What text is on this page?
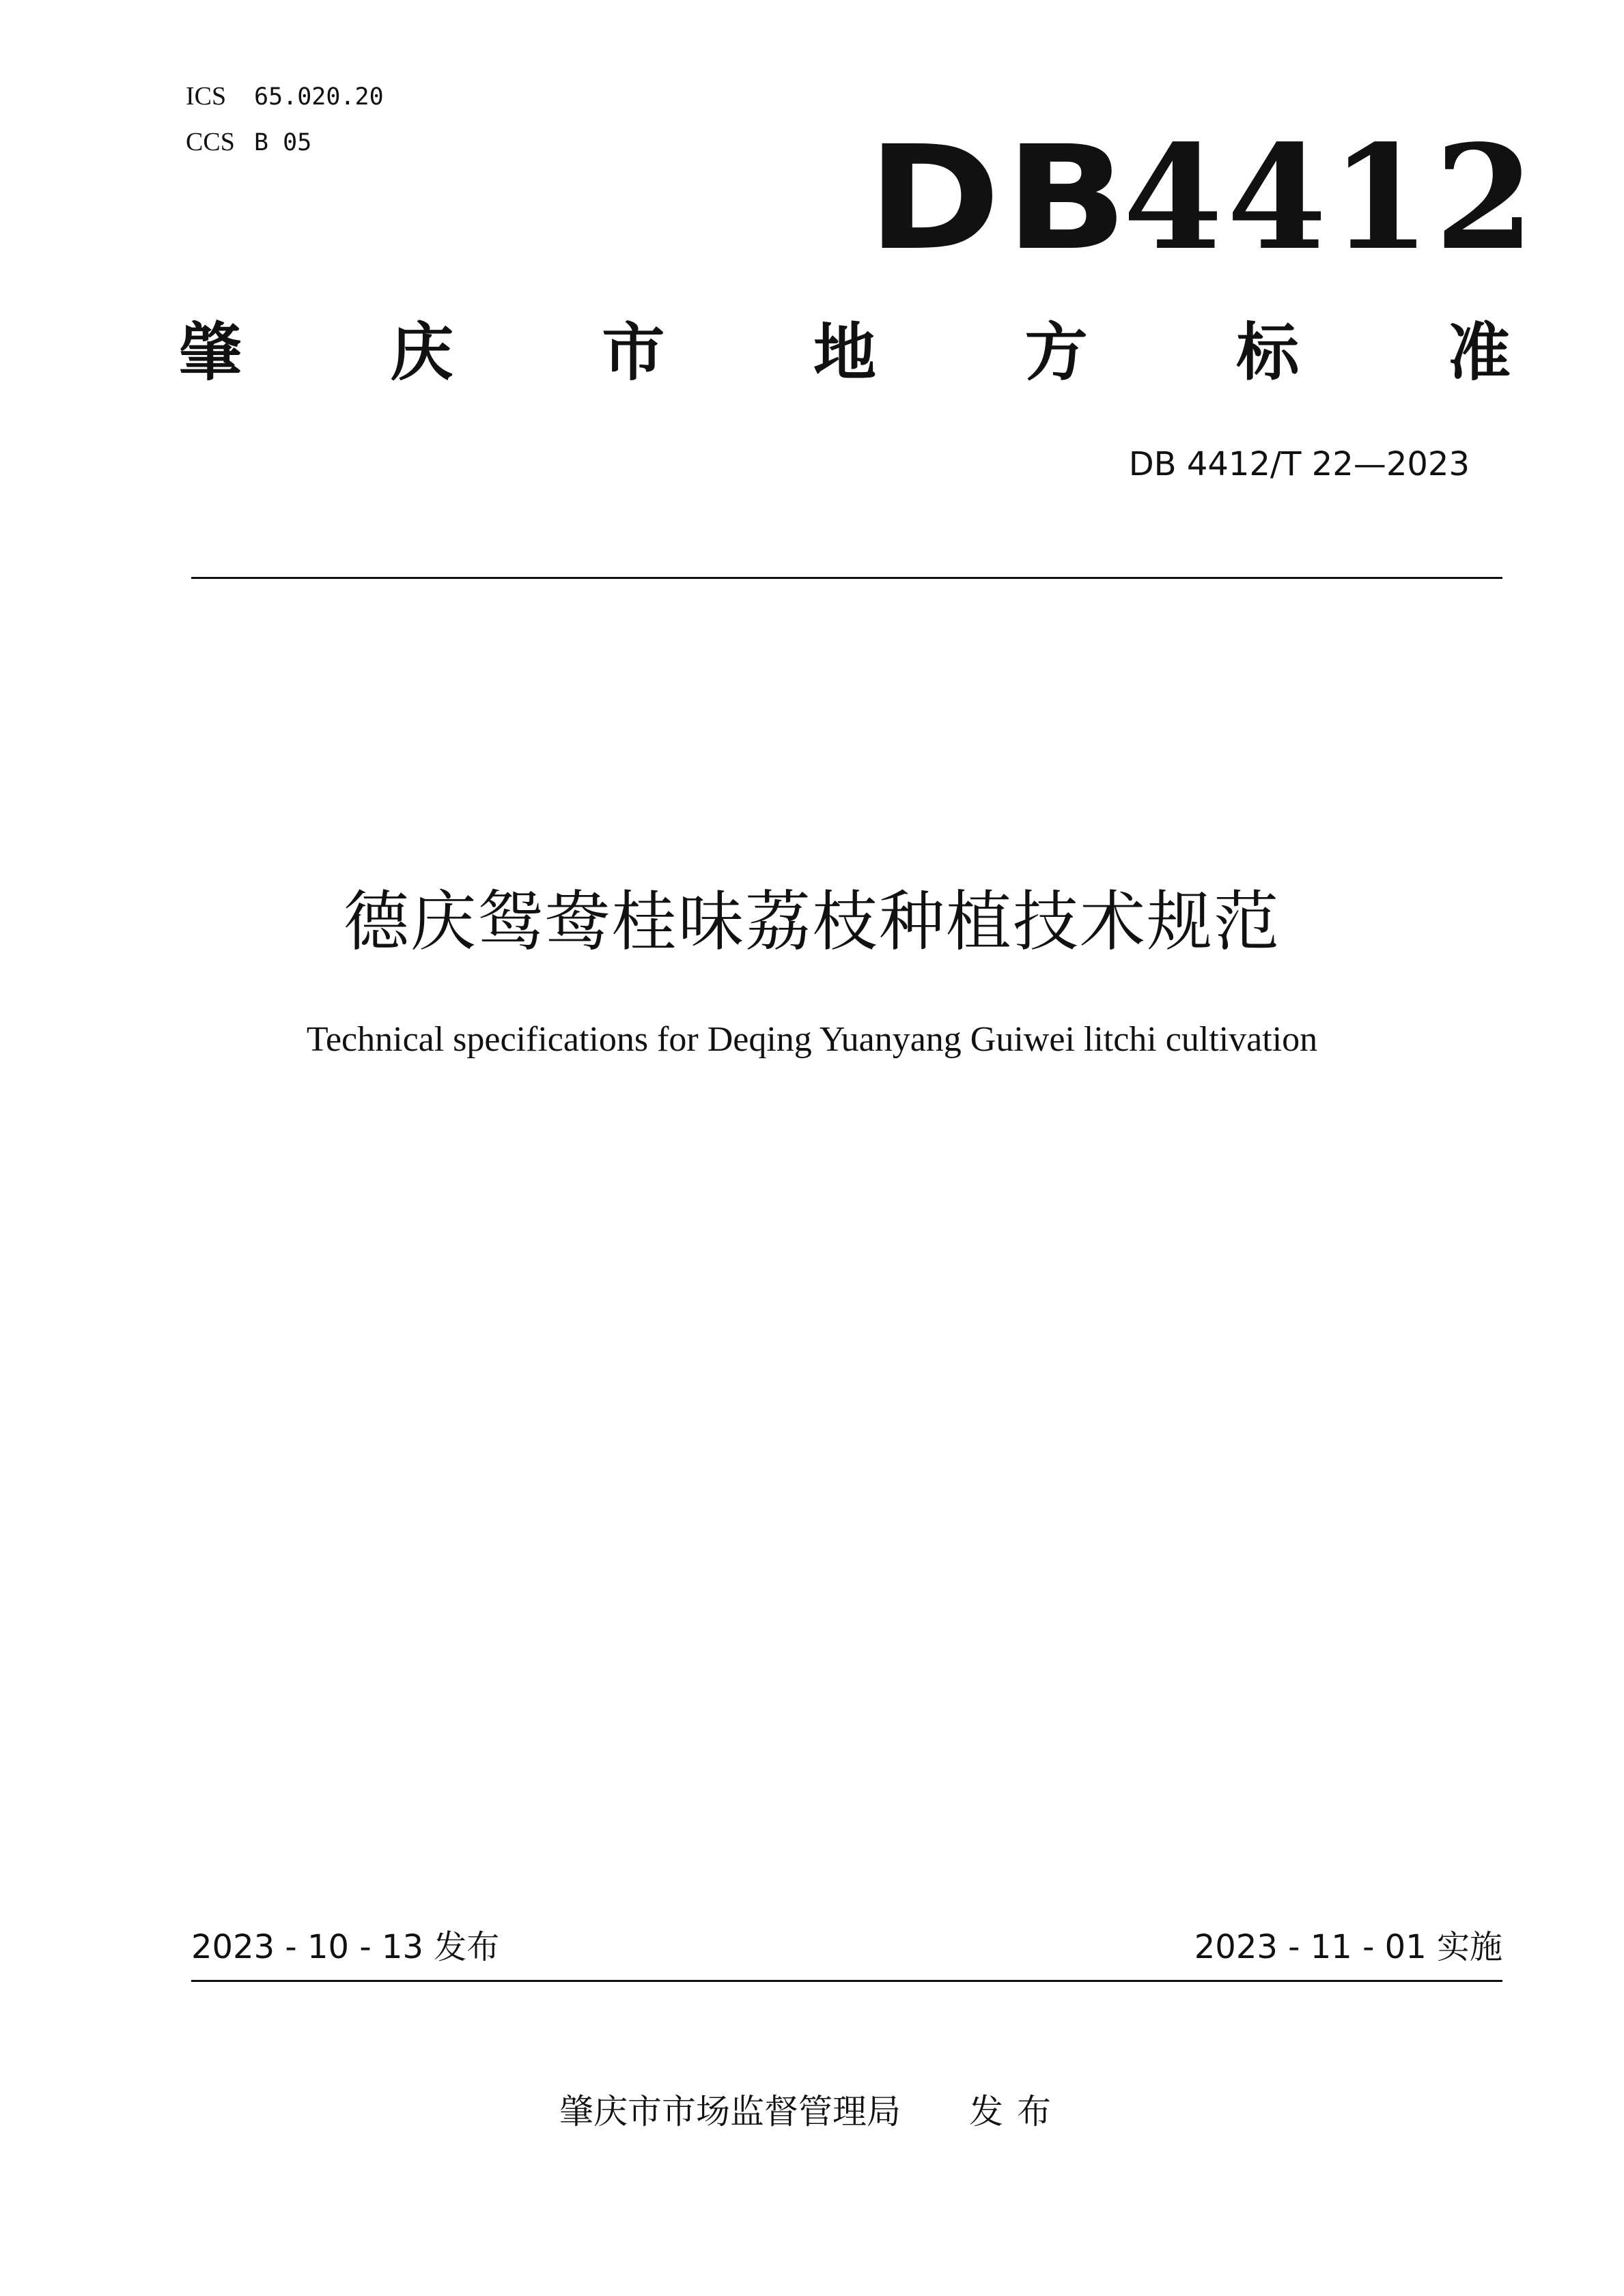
ICS	65.020.20
CCS B 05	DB4412
肇 庆 市 地 方 标 准
DB 4412/T 22—2023
德庆鸳鸯桂味荔枝种植技术规范
Technical specifications for Deqing Yuanyang Guiwei litchi cultivation
2023 - 10 - 13 发布	2023 - 11 - 01 实施
肇庆市市场监督管理局 发布
